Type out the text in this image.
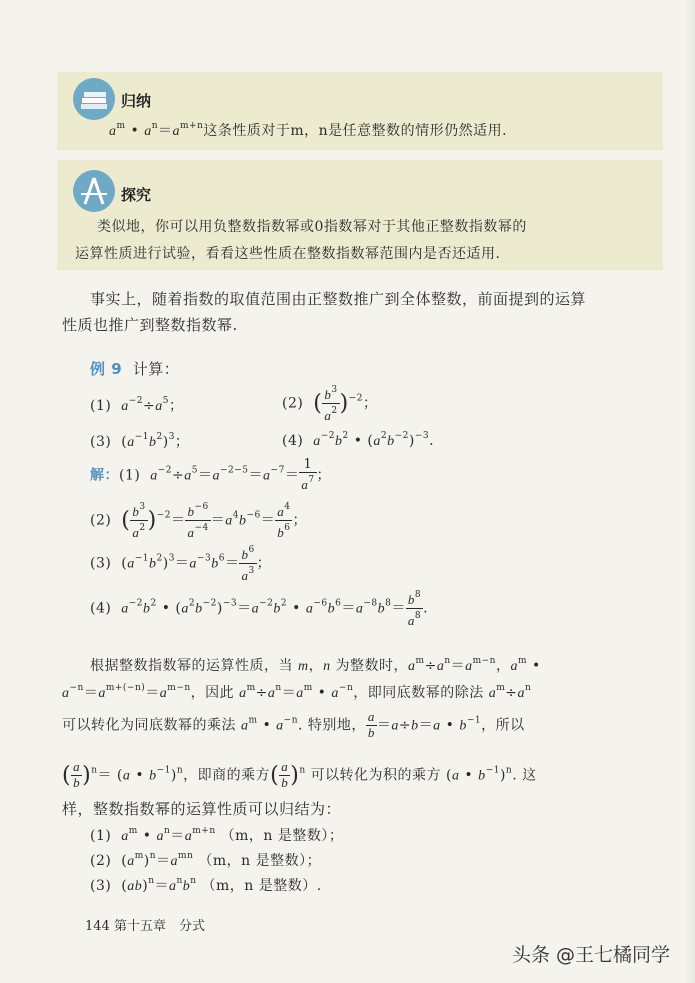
归纳
$a^m$ • $a^n=a^{m+n}$这条性质对于m，n是任意整数的情形仍然适用.
探究
类似地，你可以用负整数指数幂或0指数幂对于其他正整数指数幂的
运算性质进行试验，看看这些性质在整数指数幂范围内是否还适用.
事实上，随着指数的取值范围由正整数推广到全体整数，前面提到的运算
性质也推广到整数指数幂.
例 9 计算：
(1)  $a^{-2}\div a^5$；	(2)  ( $\frac{b^3}{a^2} )^{-2}$；
(3)  $(a^{-1}b^2)^3$；	(4)  $a^{-2}b^2$ • $(a^2b^{-2})^{-3}$.
解：(1)  $a^{-2}\div a^5=a^{-2-5}=a^{-7}= \frac{1}{a^7}$ ；
(2)  ( $\frac{b^3}{a^2} )^{-2}= \frac{b^{-6}}{a^{-4}} =a^4b^{-6}= \frac{a^4}{b^6}$ ；
(3)  $(a^{-1}b^2)^3=a^{-3}b^6= \frac{b^6}{a^3}$ ；
(4)  $a^{-2}b^2$ • $(a^2b^{-2})^{-3}=a^{-2}b^2$ • $a^{-6}b^6=a^{-8}b^8= \frac{b^8}{a^8}$ .
根据整数指数幂的运算性质，当 m，n 为整数时，$a^m\div a^n=a^{m-n}$，$a^m$ •
$a^{-n}=a^{m+(-n)}=a^{m-n}$，因此 $a^m\div a^n=a^m$ • $a^{-n}$，即同底数幂的除法 $a^m\div a^n$
可以转化为同底数幂的乘法 $a^m$ • $a^{-n}$. 特别地， $\frac{a}{b} =a\div b=a$ • $b^{-1}$，所以
( $\frac{a}{b} )^n= (a$ • $b^{-1})^n$，即商的乘方( $\frac{a}{b} )^n$ 可以转化为积的乘方 (a • $b^{-1})^n$. 这
样，整数指数幂的运算性质可以归结为：
(1) $a^m$ • $a^n=a^{m+n}$ （m，n 是整数）；
(2)  $(a^m)^n=a^{mn}$ （m，n 是整数）；
(3)  $(ab)^n=a^nb^n$ （m，n 是整数）.
144 第十五章　分式
头条 @王七橘同学
